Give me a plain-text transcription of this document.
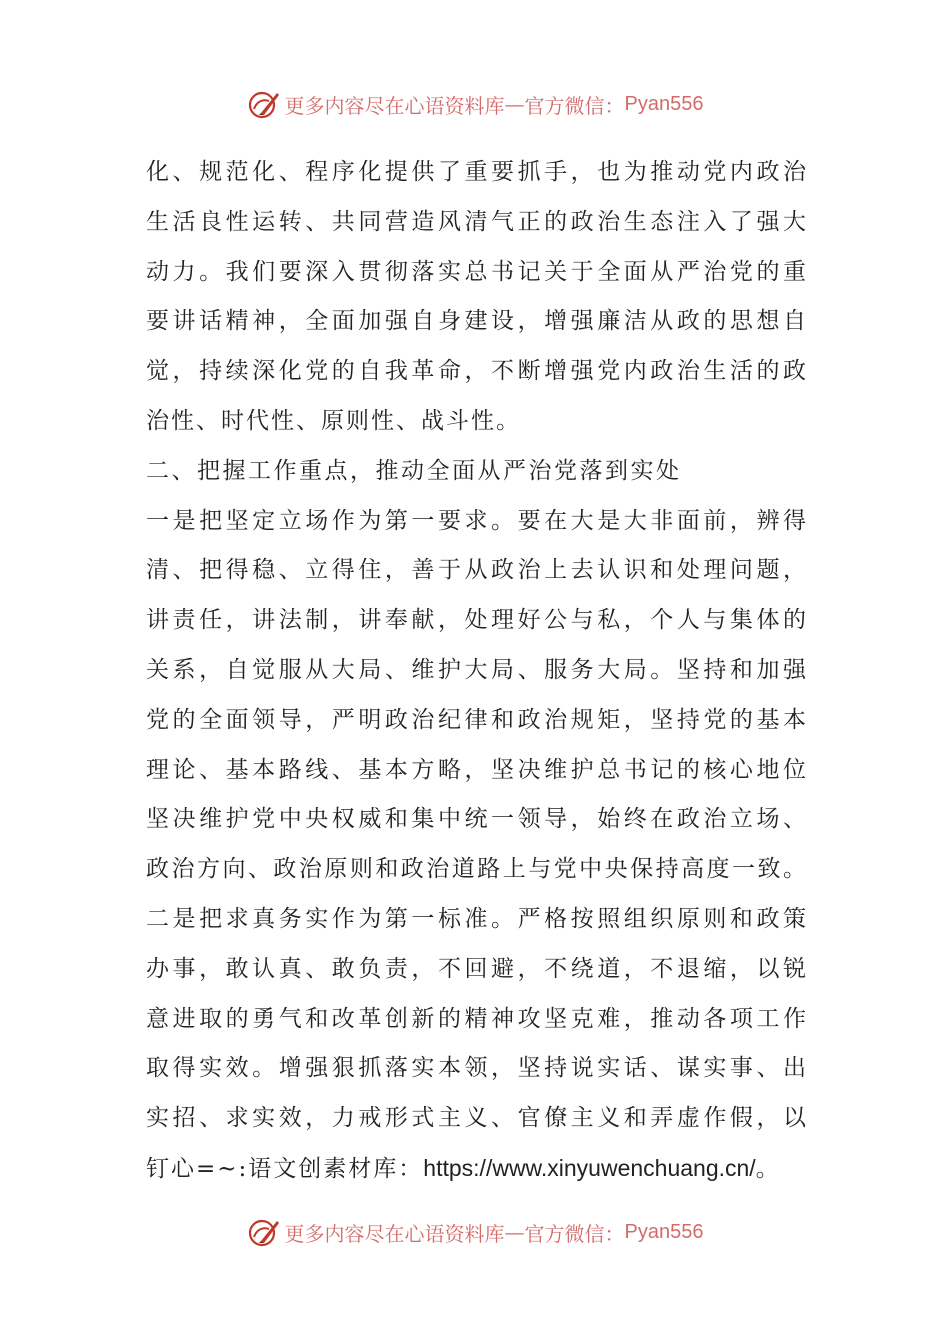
更多内容尽在心语资料库 — 官方微信： Pyan556
化、规范化、程序化提供了重要抓手，也为推动党内政治
生活良性运转、共同营造风清气正的政治生态注入了强大
动力。我们要深入贯彻落实总书记关于全面从严治党的重
要讲话精神，全面加强自身建设，增强廉洁从政的思想自
觉，持续深化党的自我革命，不断增强党内政治生活的政
治性、时代性、原则性、战斗性。
二、把握工作重点，推动全面从严治党落到实处
一是把坚定立场作为第一要求。要在大是大非面前，辨得
清、把得稳、立得住，善于从政治上去认识和处理问题，
讲责任，讲法制，讲奉献，处理好公与私，个人与集体的
关系，自觉服从大局、维护大局、服务大局。坚持和加强
党的全面领导，严明政治纪律和政治规矩，坚持党的基本
理论、基本路线、基本方略，坚决维护总书记的核心地位
坚决维护党中央权威和集中统一领导，始终在政治立场、
政治方向、政治原则和政治道路上与党中央保持高度一致。
二是把求真务实作为第一标准。严格按照组织原则和政策
办事，敢认真、敢负责，不回避，不绕道，不退缩，以锐
意进取的勇气和改革创新的精神攻坚克难，推动各项工作
取得实效。增强狠抓落实本领，坚持说实话、谋实事、出
实招、求实效，力戒形式主义、官僚主义和弄虚作假，以
钉心=~:语文创素材库：https://www.xinyuwenchuang.cn/。
更多内容尽在心语资料库 — 官方微信： Pyan556
